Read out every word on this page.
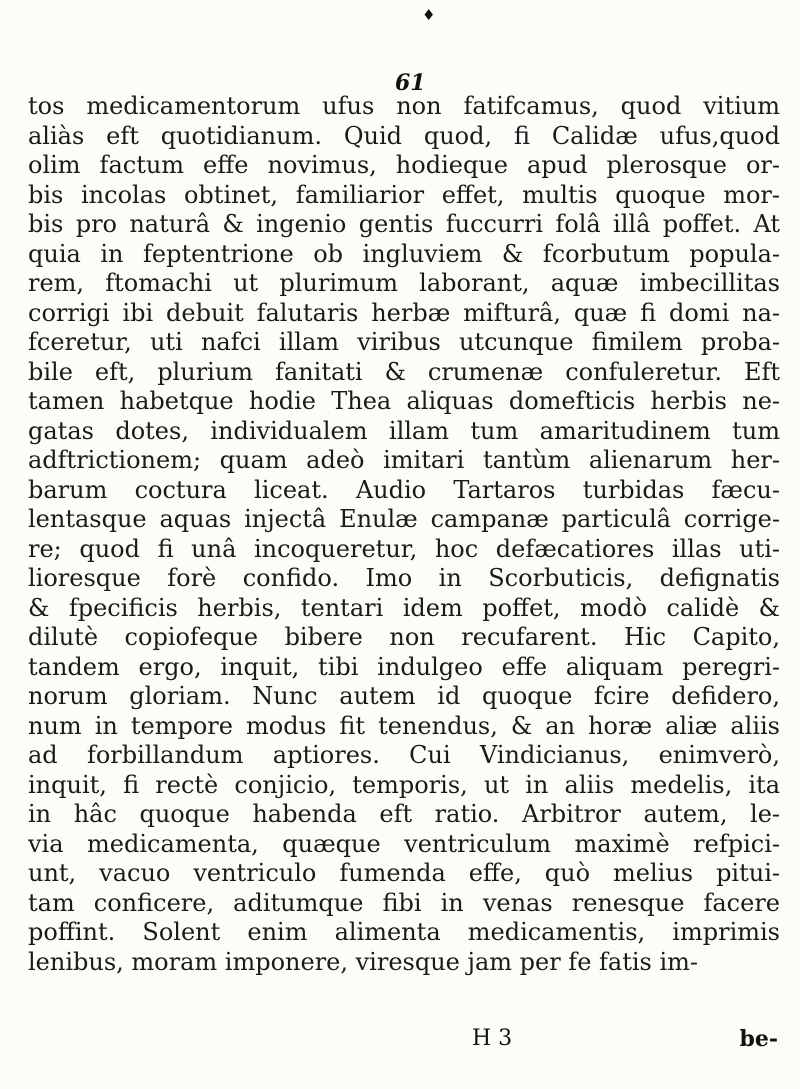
♦
61
tos medicamentorum ufus non fatifcamus, quod vitium
aliàs eft quotidianum. Quid quod, fi Calidæ ufus,quod
olim factum effe novimus, hodieque apud plerosque or-
bis incolas obtinet, familiarior effet, multis quoque mor-
bis pro naturâ & ingenio gentis fuccurri folâ illâ poffet. At
quia in feptentrione ob ingluviem & fcorbutum popula-
rem, ftomachi ut plurimum laborant, aquæ imbecillitas
corrigi ibi debuit falutaris herbæ mifturâ, quæ fi domi na-
fceretur, uti nafci illam viribus utcunque fimilem proba-
bile eft, plurium fanitati & crumenæ confuleretur. Eft
tamen habetque hodie Thea aliquas domefticis herbis ne-
gatas dotes, individualem illam tum amaritudinem tum
adftrictionem; quam adeò imitari tantùm alienarum her-
barum coctura liceat. Audio Tartaros turbidas fæcu-
lentasque aquas injectâ Enulæ campanæ particulâ corrige-
re; quod fi unâ incoqueretur, hoc defæcatiores illas uti-
lioresque forè confido. Imo in Scorbuticis, defignatis
& fpecificis herbis, tentari idem poffet, modò calidè &
dilutè copiofeque bibere non recufarent. Hic Capito,
tandem ergo, inquit, tibi indulgeo effe aliquam peregri-
norum gloriam. Nunc autem id quoque fcire defidero,
num in tempore modus fit tenendus, & an horæ aliæ aliis
ad forbillandum aptiores. Cui Vindicianus, enimverò,
inquit, fi rectè conjicio, temporis, ut in aliis medelis, ita
in hâc quoque habenda eft ratio. Arbitror autem, le-
via medicamenta, quæque ventriculum maximè refpici-
unt, vacuo ventriculo fumenda effe, quò melius pitui-
tam conficere, aditumque fibi in venas renesque facere
poffint. Solent enim alimenta medicamentis, imprimis
lenibus, moram imponere, viresque jam per fe fatis im-
H 3	be-
